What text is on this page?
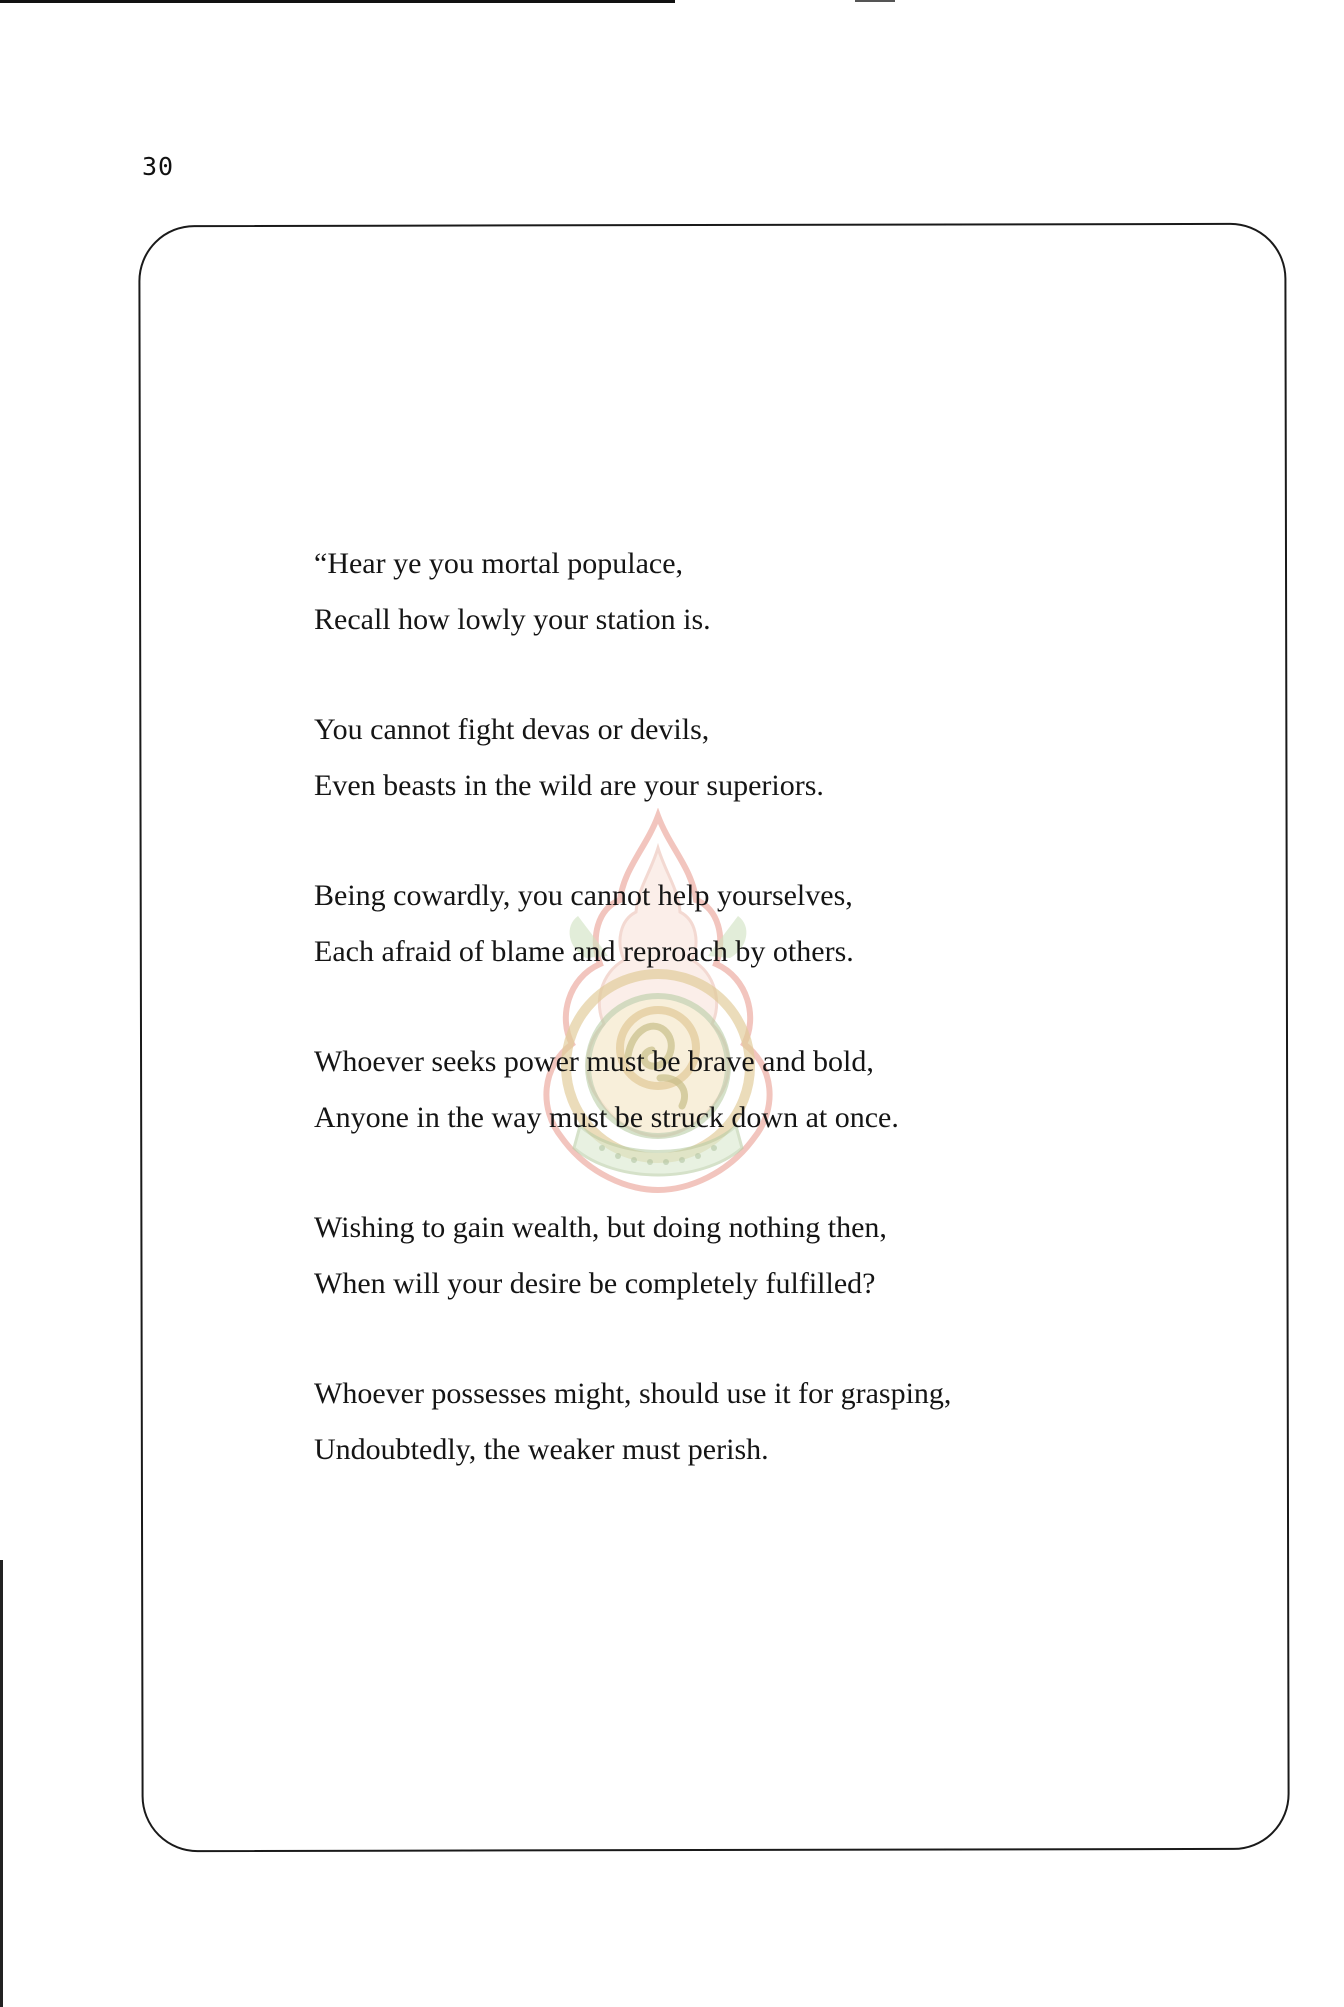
30
“Hear ye you mortal populace,
Recall how lowly your station is.
You cannot fight devas or devils,
Even beasts in the wild are your superiors.
Being cowardly, you cannot help yourselves,
Each afraid of blame and reproach by others.
Whoever seeks power must be brave and bold,
Anyone in the way must be struck down at once.
Wishing to gain wealth, but doing nothing then,
When will your desire be completely fulfilled?
Whoever possesses might, should use it for grasping,
Undoubtedly, the weaker must perish.
